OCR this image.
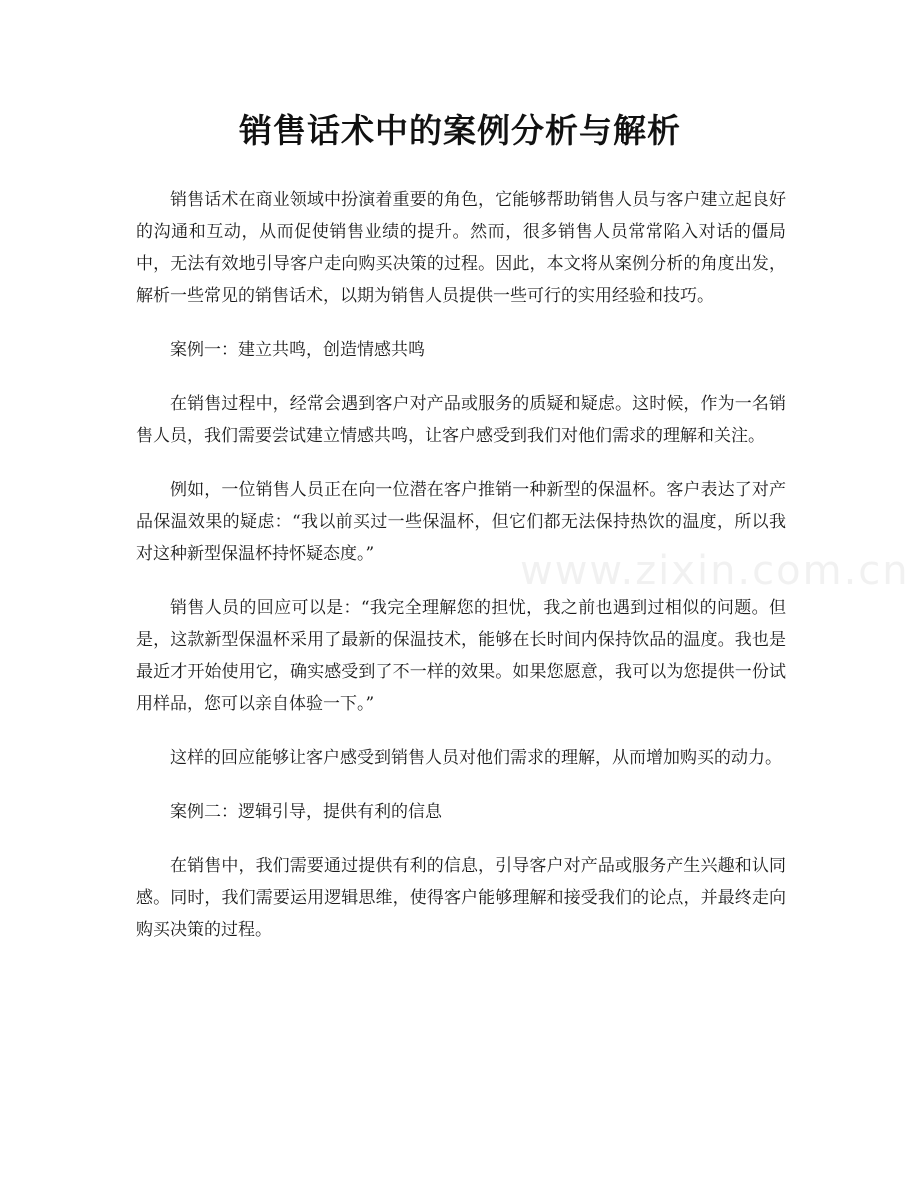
销售话术中的案例分析与解析

销售话术在商业领域中扮演着重要的角色，它能够帮助销售人员与客户建立起良好的沟通和互动，从而促使销售业绩的提升。然而，很多销售人员常常陷入对话的僵局中，无法有效地引导客户走向购买决策的过程。因此，本文将从案例分析的角度出发，解析一些常见的销售话术，以期为销售人员提供一些可行的实用经验和技巧。

案例一：建立共鸣，创造情感共鸣

在销售过程中，经常会遇到客户对产品或服务的质疑和疑虑。这时候，作为一名销售人员，我们需要尝试建立情感共鸣，让客户感受到我们对他们需求的理解和关注。

例如，一位销售人员正在向一位潜在客户推销一种新型的保温杯。客户表达了对产品保温效果的疑虑：“我以前买过一些保温杯，但它们都无法保持热饮的温度，所以我对这种新型保温杯持怀疑态度。”

销售人员的回应可以是：“我完全理解您的担忧，我之前也遇到过相似的问题。但是，这款新型保温杯采用了最新的保温技术，能够在长时间内保持饮品的温度。我也是最近才开始使用它，确实感受到了不一样的效果。如果您愿意，我可以为您提供一份试用样品，您可以亲自体验一下。”

这样的回应能够让客户感受到销售人员对他们需求的理解，从而增加购买的动力。

案例二：逻辑引导，提供有利的信息

在销售中，我们需要通过提供有利的信息，引导客户对产品或服务产生兴趣和认同感。同时，我们需要运用逻辑思维，使得客户能够理解和接受我们的论点，并最终走向购买决策的过程。

www.zixin.com.cn
